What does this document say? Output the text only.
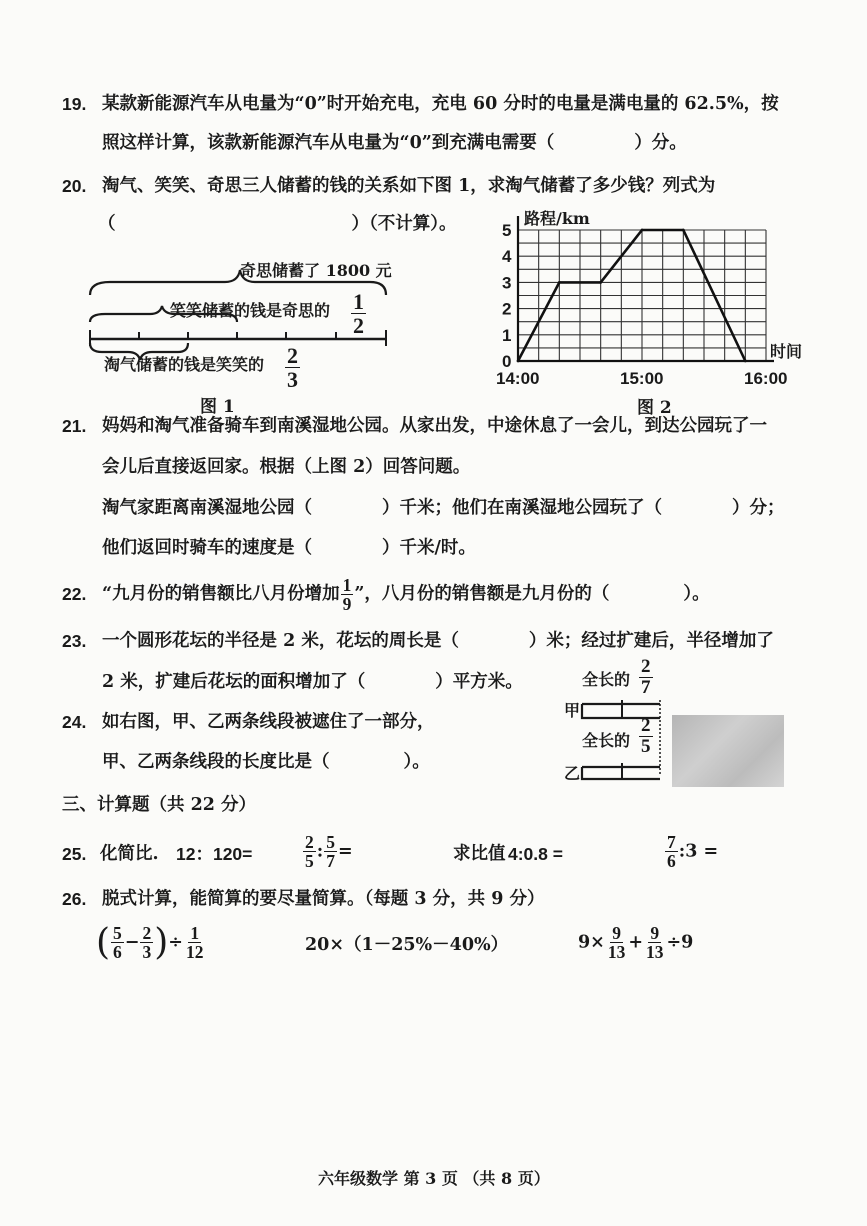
19. 某款新能源汽车从电量为“0”时开始充电，充电 60 分时的电量是满电量的 62.5%，按
照这样计算，该款新能源汽车从电量为“0”到充满电需要（	）分。
20. 淘气、笑笑、奇思三人储蓄的钱的关系如下图 1，求淘气储蓄了多少钱？列式为
（	）（不计算）。
奇思储蓄了 1800 元
笑笑储蓄的钱是奇思的 $\frac{1}{2}$
淘气储蓄的钱是笑笑的 $\frac{2}{3}$
图 1
0
1
2
3
4
5
14:00	15:00	16:00
路程/km
时间
图 2
21. 妈妈和淘气准备骑车到南溪湿地公园。从家出发，中途休息了一会儿，到达公园玩了一
会儿后直接返回家。根据（上图 2）回答问题。
淘气家距离南溪湿地公园（	）千米；他们在南溪湿地公园玩了（	）分；
他们返回时骑车的速度是（	）千米/时。
22. “九月份的销售额比八月份增加 $\frac{1}{9}$ ”，八月份的销售额是九月份的（	）。
23. 一个圆形花坛的半径是 2 米，花坛的周长是（	）米；经过扩建后，半径增加了
2 米，扩建后花坛的面积增加了（	）平方米。
24. 如右图，甲、乙两条线段被遮住了一部分，
甲、乙两条线段的长度比是（	）。
全长的 $\frac{2}{7}$
甲
全长的 $\frac{2}{5}$
乙
三、计算题（共 22 分）
25. 化简比. 12：120=	$\frac{2}{5}$ : $\frac{5}{7}$ =	求比值 4:0.8 =	$\frac{7}{6}$ :3 =
26. 脱式计算，能简算的要尽量简算。（每题 3 分，共 9 分）
( $\frac{5}{6} - \frac{2}{3}$ )÷ $\frac{1}{12}$	20×（1－25%－40%）	$9\times \frac{9}{13} + \frac{9}{13} \div 9$
六年级数学 第 3 页 （共 8 页）
